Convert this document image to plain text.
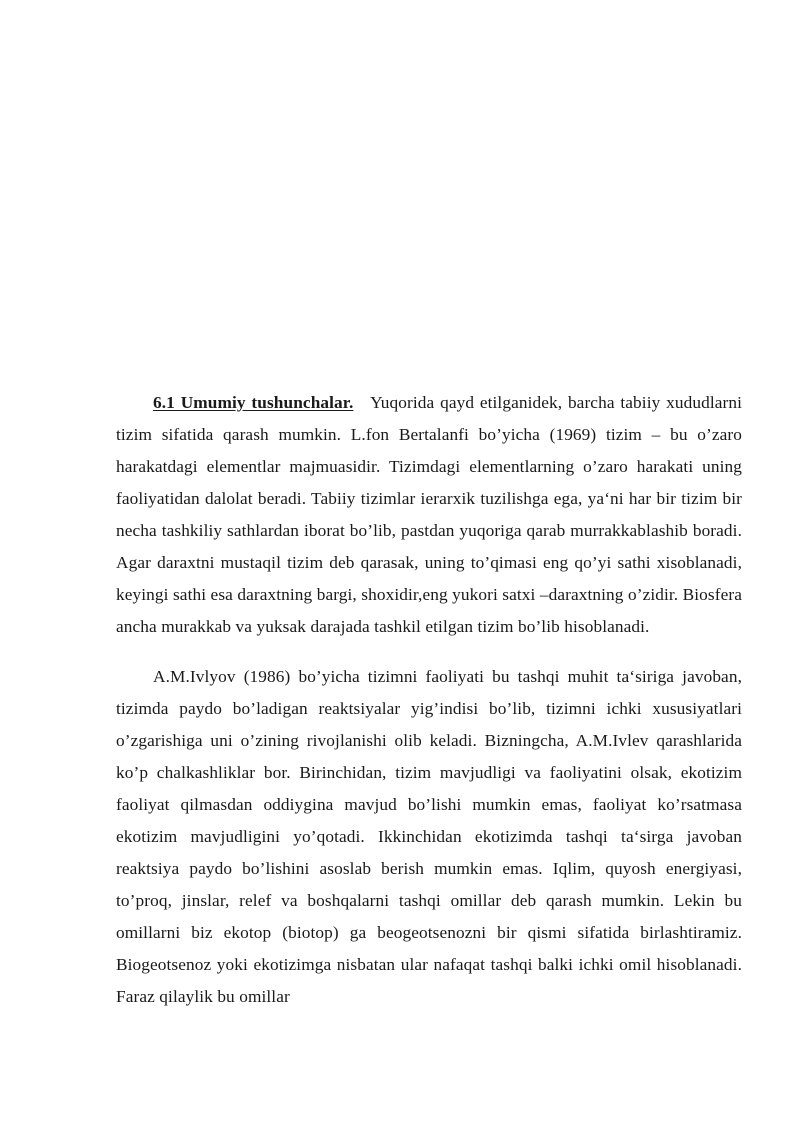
6.1 Umumiy tushunchalar. Yuqorida qayd etilganidek, barcha tabiiy xududlarni tizim sifatida qarash mumkin. L.fon Bertalanfi bo’yicha (1969) tizim – bu o’zaro harakatdagi elementlar majmuasidir. Tizimdagi elementlarning o’zaro harakati uning faoliyatidan dalolat beradi. Tabiiy tizimlar ierarxik tuzilishga ega, ya‘ni har bir tizim bir necha tashkiliy sathlardan iborat bo’lib, pastdan yuqoriga qarab murrakkablashib boradi. Agar daraxtni mustaqil tizim deb qarasak, uning to’qimasi eng qo’yi sathi xisoblanadi, keyingi sathi esa daraxtning bargi, shoxidir,eng yukori satxi –daraxtning o’zidir. Biosfera ancha murakkab va yuksak darajada tashkil etilgan tizim bo’lib hisoblanadi.

A.M.Ivlyov (1986) bo’yicha tizimni faoliyati bu tashqi muhit ta‘siriga javoban, tizimda paydo bo’ladigan reaktsiyalar yig’indisi bo’lib, tizimni ichki xususiyatlari o’zgarishiga uni o’zining rivojlanishi olib keladi. Bizningcha, A.M.Ivlev qarashlarida ko’p chalkashliklar bor. Birinchidan, tizim mavjudligi va faoliyatini olsak, ekotizim faoliyat qilmasdan oddiygina mavjud bo’lishi mumkin emas, faoliyat ko’rsatmasa ekotizim mavjudligini yo’qotadi. Ikkinchidan ekotizimda tashqi ta‘sirga javoban reaktsiya paydo bo’lishini asoslab berish mumkin emas. Iqlim, quyosh energiyasi, to’proq, jinslar, relef va boshqalarni tashqi omillar deb qarash mumkin. Lekin bu omillarni biz ekotop (biotop) ga beogeotsenozni bir qismi sifatida birlashtiramiz. Biogeotsenoz yoki ekotizimga nisbatan ular nafaqat tashqi balki ichki omil hisoblanadi. Faraz qilaylik bu omillar
